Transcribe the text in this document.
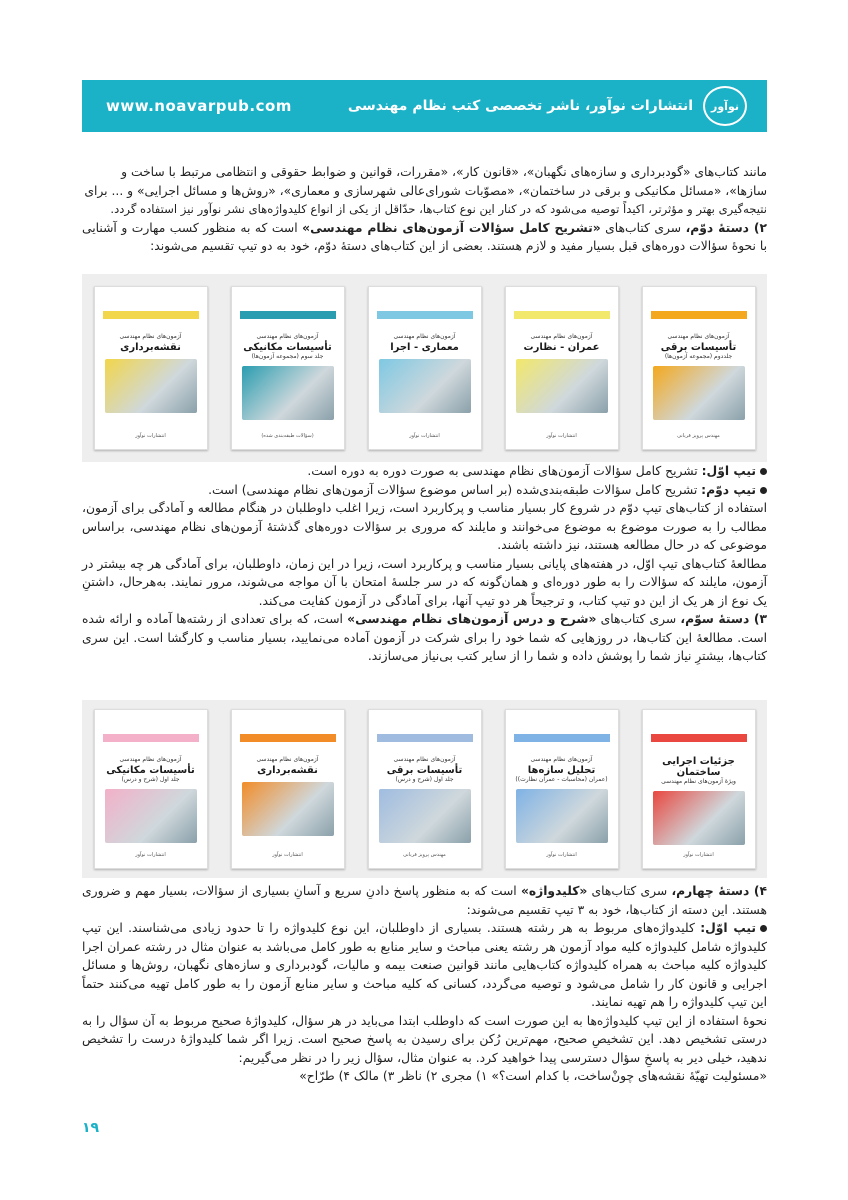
www.noavarpub.com	نوآور
انتشارات نوآور، ناشر تخصصی کتب نظام مهندسی

مانند کتاب‌های «گودبرداری و سازه‌های نگهبان»، «قانون کار»، «مقررات، قوانین و ضوابط حقوقی و انتظامی مرتبط با ساخت و

سازها»، «مسائل مکانیکی و برقی در ساختمان»، «مصوّبات شورای‌عالی شهرسازی و معماری»، «روش‌ها و مسائل اجرایی» و ... برای

نتیجه‌گیری بهتر و مؤثرتر، اکیداً توصیه می‌شود که در کنار این نوع کتاب‌ها، حدّاقل از یکی از انواع کلیدواژه‌های نشر نوآور نیز استفاده گردد.

۲) دستۀ دوّم، سری کتاب‌های «تشریح کامل سؤالات آزمون‌های نظام مهندسی» است که به منظور کسب مهارت و آشنایی با نحوۀ سؤالات دوره‌های قبل بسیار مفید و لازم هستند. بعضی از این کتاب‌های دستۀ دوّم، خود به دو تیپ تقسیم می‌شوند:

آزمون‌های نظام مهندسی
تأسیسات برقی
جلددوم (مجموعه آزمون‌ها)
مهندس پرویز قربانی
آزمون‌های نظام مهندسی
عمران - نظارت
انتشارات نوآور
آزمون‌های نظام مهندسی
معماری - اجرا
انتشارات نوآور
آزمون‌های نظام مهندسی
تأسیسات مکانیکی
جلد سوم (مجموعه آزمون‌ها)
(سؤالات طبقه‌بندی شده)
آزمون‌های نظام مهندسی
نقشه‌برداری
انتشارات نوآور

تیپ اوّل: تشریح کامل سؤالات آزمون‌های نظام مهندسی به صورت دوره به دوره است.

تیپ دوّم: تشریح کامل سؤالات طبقه‌بندی‌شده (بر اساس موضوع سؤالات آزمون‌های نظام مهندسی) است.

استفاده از کتاب‌های تیپ دوّم در شروع کار بسیار مناسب و پرکاربرد است، زیرا اغلب داوطلبان در هنگام مطالعه و آمادگی برای آزمون، مطالب را به صورت موضوع به موضوع می‌خوانند و مایلند که مروری بر سؤالات دوره‌های گذشتۀ آزمون‌های نظام مهندسی، براساس موضوعی که در حال مطالعه هستند، نیز داشته باشند.

مطالعۀ کتاب‌های تیپ اوّل، در هفته‌های پایانی بسیار مناسب و پرکاربرد است، زیرا در این زمان، داوطلبان، برای آمادگی هر چه بیشتر در آزمون، مایلند که سؤالات را به طور دوره‌ای و همان‌گونه که در سر جلسۀ امتحان با آن مواجه می‌شوند، مرور نمایند. به‌هرحال، داشتنِ یک نوع از هر یک از این دو تیپ کتاب، و ترجیحاً هر دو تیپ آنها، برای آمادگی در آزمون کفایت می‌کند.

۳) دستۀ سوّم، سری کتاب‌های «شرح و درس آزمون‌های نظام مهندسی» است، که برای تعدادی از رشته‌ها آماده و ارائه شده است. مطالعۀ این کتاب‌ها، در روزهایی که شما خود را برای شرکت در آزمون آماده می‌نمایید، بسیار مناسب و کارگشا است. این سری کتاب‌ها، بیشترِ نیاز شما را پوشش داده و شما را از سایر کتب بی‌نیاز می‌سازند.

جزئیات اجرایی ساختمان
ویژۀ آزمون‌های نظام مهندسی
انتشارات نوآور
آزمون‌های نظام مهندسی
تحلیل سازه‌ها
(عمران (محاسبات - عمران نظارت))
انتشارات نوآور
آزمون‌های نظام مهندسی
تأسیسات برقی
جلد اول (شرح و درس)
مهندس پرویز قربانی
آزمون‌های نظام مهندسی
نقشه‌برداری
انتشارات نوآور
آزمون‌های نظام مهندسی
تأسیسات مکانیکی
جلد اول (شرح و درس)
انتشارات نوآور

۴) دستۀ چهارم، سری کتاب‌های «کلیدواژه» است که به منظور پاسخ دادنِ سریع و آسانِ بسیاری از سؤالات، بسیار مهم و ضروری هستند. این دسته از کتاب‌ها، خود به ۳ تیپ تقسیم می‌شوند:

تیپ اوّل: کلیدواژه‌های مربوط به هر رشته هستند. بسیاری از داوطلبان، این نوع کلیدواژه را تا حدود زیادی می‌شناسند. این تیپ کلیدواژه شامل کلیدواژه کلیه مواد آزمون هر رشته یعنی مباحث و سایر منابع به طور کامل می‌باشد به عنوان مثال در رشته عمران اجرا کلیدواژه کلیه مباحث به همراه کلیدواژه کتاب‌هایی مانند قوانین صنعت بیمه و مالیات، گودبرداری و سازه‌های نگهبان، روش‌ها و مسائل اجرایی و قانون کار را شامل می‌شود و توصیه می‌گردد، کسانی که کلیه مباحث و سایر منابع آزمون را به طور کامل تهیه می‌کنند حتماً این تیپ کلیدواژه را هم تهیه نمایند.

نحوۀ استفاده از این تیپ کلیدواژه‌ها به این صورت است که داوطلب ابتدا می‌باید در هر سؤال، کلیدواژۀ صحیح مربوط به آن سؤال را به درستی تشخیص دهد. این تشخیصِ صحیح، مهم‌ترین رُکن برای رسیدن به پاسخ صحیح است. زیرا اگر شما کلیدواژۀ درست را تشخیص ندهید، خیلی دیر به پاسخِ سؤال دسترسی پیدا خواهید کرد. به عنوان مثال، سؤال زیر را در نظر می‌گیریم:

«مسئولیت تهیّۀ نقشه‌های چون‌ْساخت، با کدام است؟» ۱) مجری ۲) ناظر ۳) مالک ۴) طرّاح»

۱۹
